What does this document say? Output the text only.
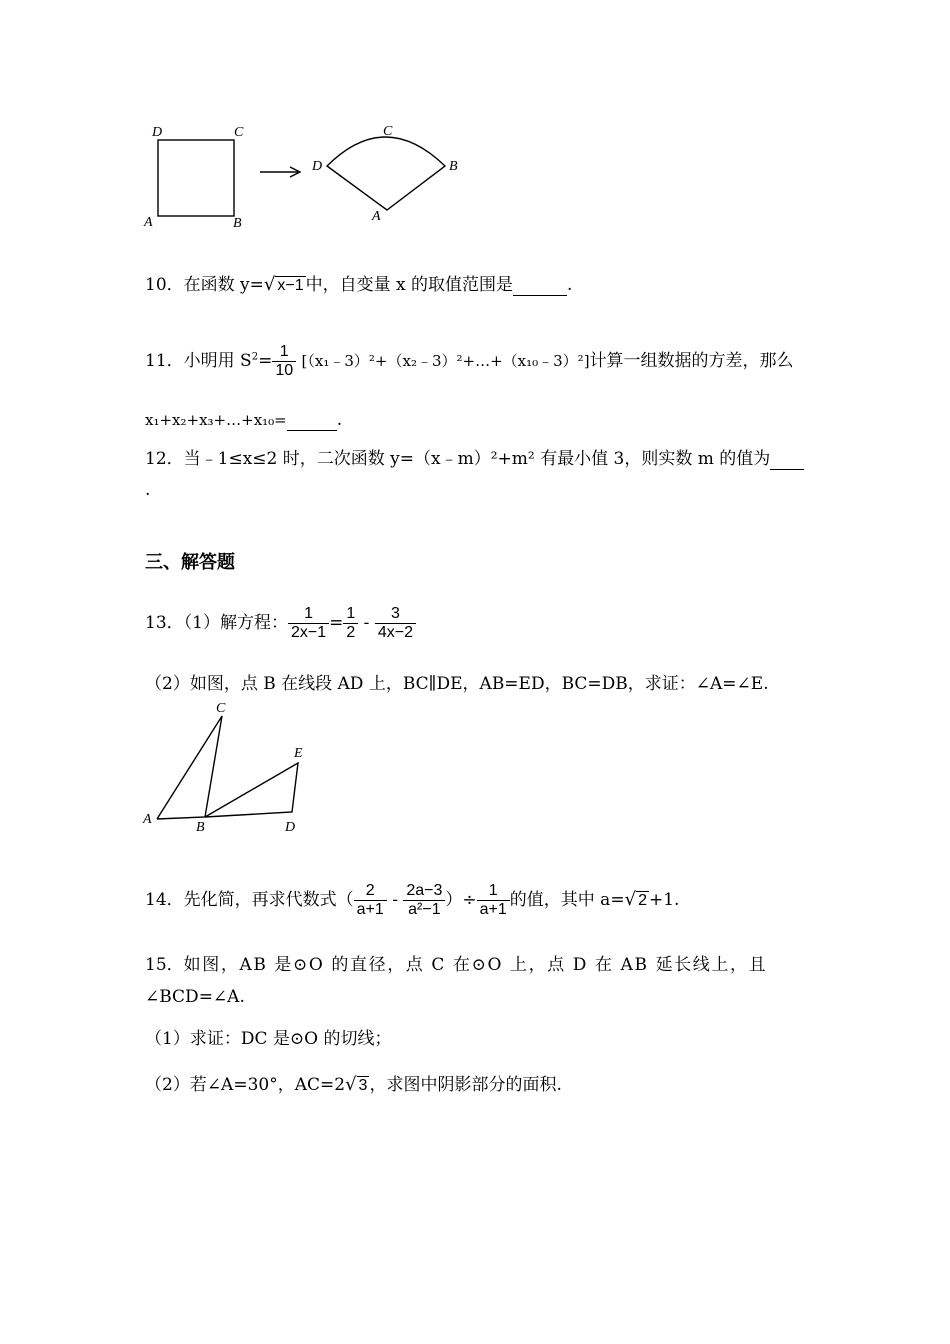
D	C
A	B
D
C
B
A
10．在函数 y=√ x−1 中，自变量 x 的取值范围是	.
11．小明用 $S^2= \frac{1}{10}$ [（x₁﹣3）²+（x₂﹣3）²+…+（x₁₀﹣3）²]计算一组数据的方差，那么
x₁+x₂+x₃+…+x₁₀=	.
12．当﹣1≤x≤2 时，二次函数 y=（x﹣m）²+m² 有最小值 3，则实数 m 的值为
.
三、解答题
13．（1）解方程： $\frac{1}{2x-1} = \frac{1}{2} - \frac{3}{4x-2}$
（2）如图，点 B 在线段 AD 上，BC∥DE，AB=ED，BC=DB，求证：∠A=∠E.
C
E
A
B	D
14．先化简，再求代数式（ $\frac{2}{a+1} - \frac{2a-3}{\text{a²−1}}$ ）÷ $\frac{1}{a+1}$ 的值，其中 a=√ 2 +1.
15．如图，AB 是⊙O 的直径，点 C 在⊙O 上，点 D 在 AB 延长线上，且
∠BCD=∠A.
（1）求证：DC 是⊙O 的切线；
（2）若∠A=30°，AC=2√ 3 ，求图中阴影部分的面积.
